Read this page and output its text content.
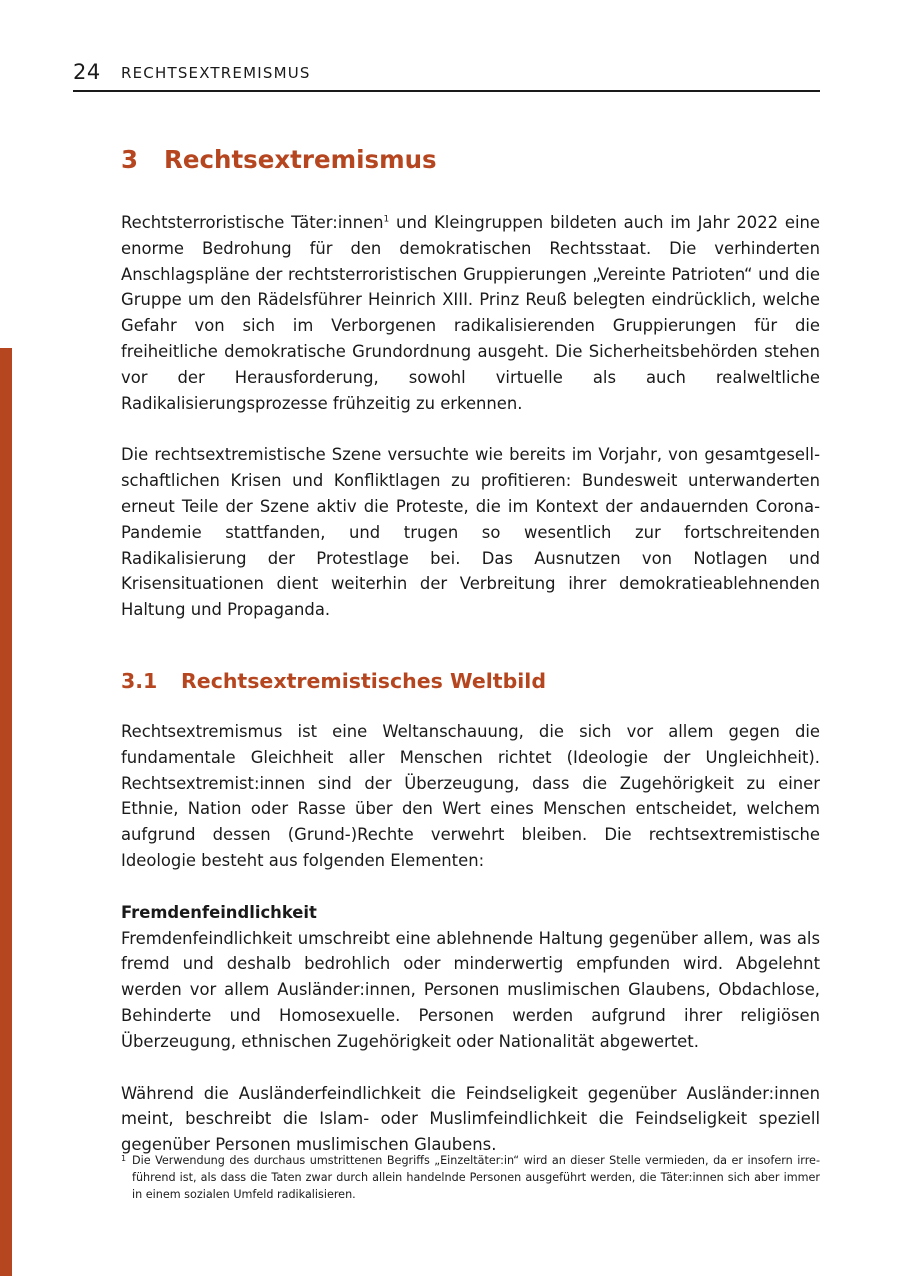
24 RECHTSEXTREMISMUS
3	Rechtsextremismus

Rechtsterroristische Täter:innen$^1$ und Kleingruppen bildeten auch im Jahr 2022 eine enorme Bedrohung für den demokratischen Rechtsstaat. Die verhinderten Anschlagspläne der rechtsterroristischen Gruppierungen „Vereinte Patrioten“ und die Gruppe um den Rädelsführer Heinrich XIII. Prinz Reuß belegten eindrücklich, welche Gefahr von sich im Verborgenen radikalisierenden Gruppierungen für die freiheitliche demokratische Grundordnung ausgeht. Die Sicherheitsbehörden stehen vor der Herausforderung, sowohl virtuelle als auch realweltliche Radikalisierungsprozesse frühzeitig zu erkennen.

Die rechtsextremistische Szene versuchte wie bereits im Vorjahr, von gesamtgesellschaftlichen Krisen und Konfliktlagen zu profitieren: Bundesweit unterwanderten erneut Teile der Szene aktiv die Proteste, die im Kontext der andauernden Corona-Pandemie stattfanden, und trugen so wesentlich zur fortschreitenden Radikalisierung der Protestlage bei. Das Ausnutzen von Notlagen und Krisensituationen dient weiterhin der Verbreitung ihrer demokratieablehnenden Haltung und Propaganda.

3.1	Rechtsextremistisches Weltbild

Rechtsextremismus ist eine Weltanschauung, die sich vor allem gegen die fundamentale Gleichheit aller Menschen richtet (Ideologie der Ungleichheit). Rechtsextremist:innen sind der Überzeugung, dass die Zugehörigkeit zu einer Ethnie, Nation oder Rasse über den Wert eines Menschen entscheidet, welchem aufgrund dessen (Grund-)Rechte verwehrt bleiben. Die rechtsextremistische Ideologie besteht aus folgenden Elementen:

Fremdenfeindlichkeit

Fremdenfeindlichkeit umschreibt eine ablehnende Haltung gegenüber allem, was als fremd und deshalb bedrohlich oder minderwertig empfunden wird. Abgelehnt werden vor allem Ausländer:innen, Personen muslimischen Glaubens, Obdachlose, Behinderte und Homosexuelle. Personen werden aufgrund ihrer religiösen Überzeugung, ethnischen Zugehörigkeit oder Nationalität abgewertet.

Während die Ausländerfeindlichkeit die Feindseligkeit gegenüber Ausländer:innen meint, beschreibt die Islam- oder Muslimfeindlichkeit die Feindseligkeit speziell gegenüber Personen muslimischen Glaubens.

1 Die Verwendung des durchaus umstrittenen Begriffs „Einzeltäter:in“ wird an dieser Stelle vermieden, da er insofern irreführend ist, als dass die Taten zwar durch allein handelnde Personen ausgeführt werden, die Täter:innen sich aber immer in einem sozialen Umfeld radikalisieren.
